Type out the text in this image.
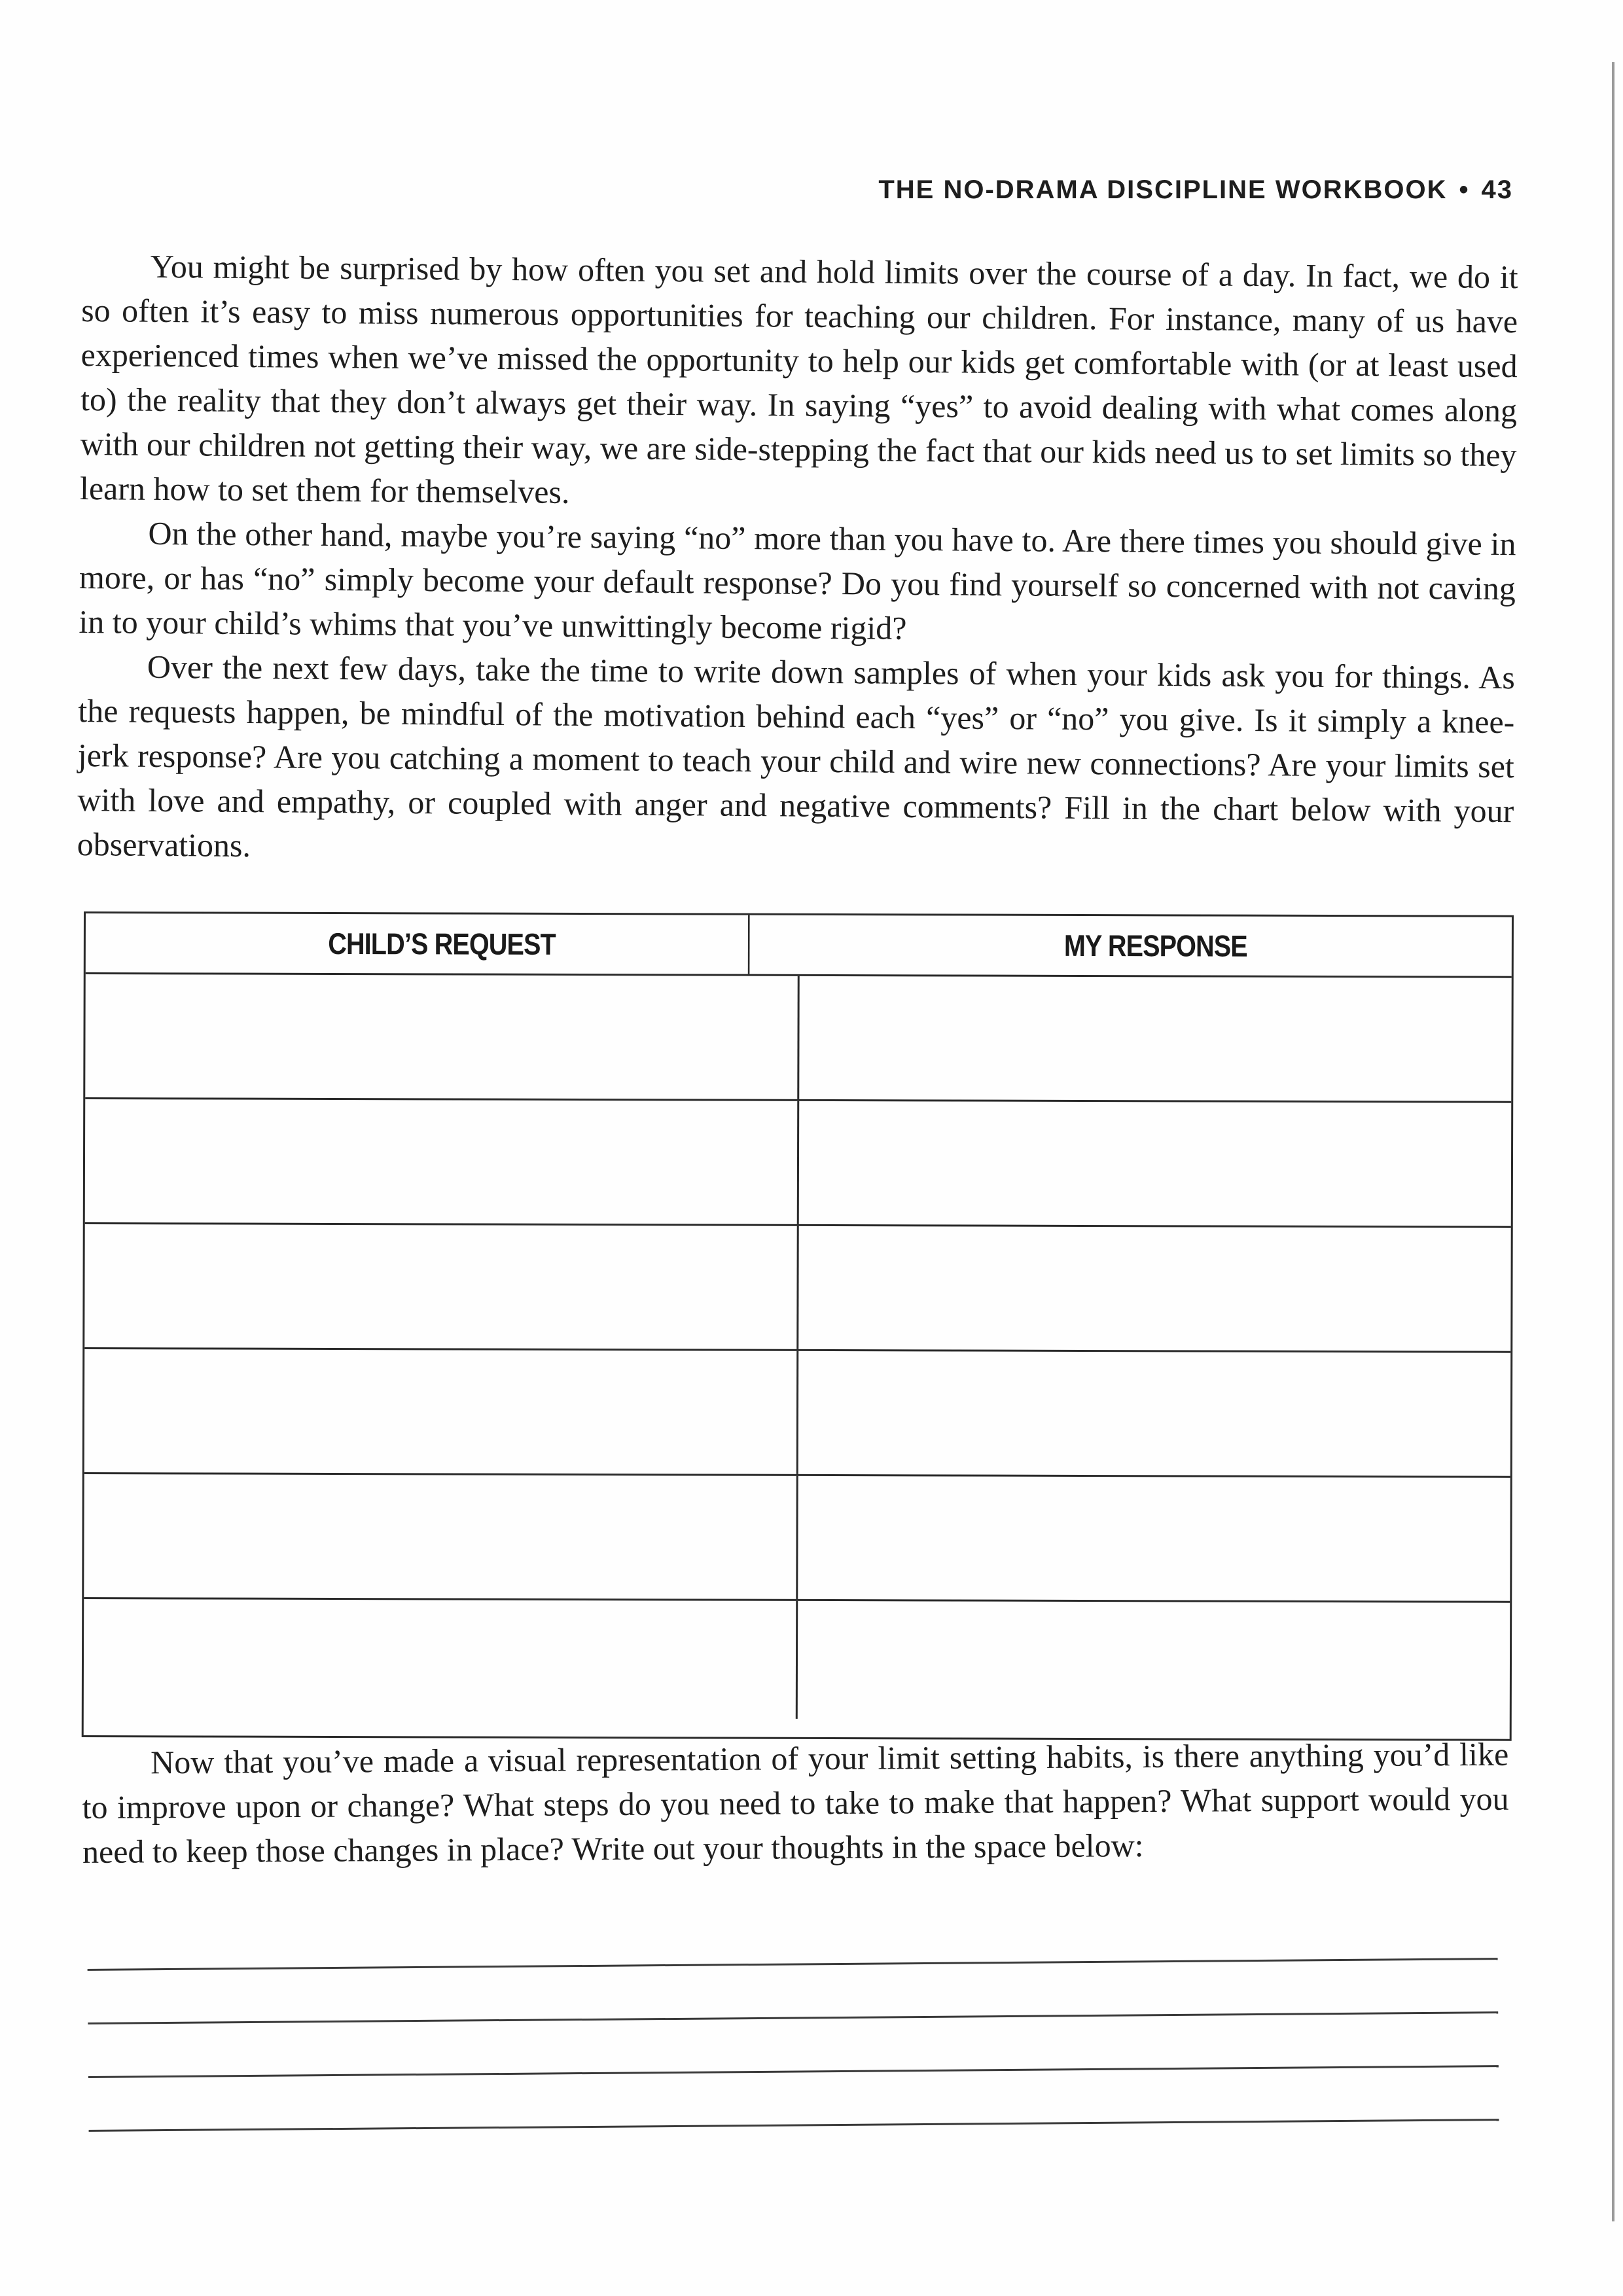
THE NO-DRAMA DISCIPLINE WORKBOOK • 43

You might be surprised by how often you set and hold limits over the course of a day. In fact, we do it so often it’s easy to miss numerous opportunities for teaching our children. For instance, many of us have experienced times when we’ve missed the opportunity to help our kids get comfortable with (or at least used to) the reality that they don’t always get their way. In saying “yes” to avoid dealing with what comes along with our children not getting their way, we are side-stepping the fact that our kids need us to set limits so they learn how to set them for themselves.

On the other hand, maybe you’re saying “no” more than you have to. Are there times you should give in more, or has “no” simply become your default response? Do you find yourself so concerned with not caving in to your child’s whims that you’ve unwittingly become rigid?

Over the next few days, take the time to write down samples of when your kids ask you for things. As the requests happen, be mindful of the motivation behind each “yes” or “no” you give. Is it simply a knee-jerk response? Are you catching a moment to teach your child and wire new connections? Are your limits set with love and empathy, or coupled with anger and negative comments? Fill in the chart below with your observations.

CHILD’S REQUEST	MY RESPONSE

Now that you’ve made a visual representation of your limit setting habits, is there anything you’d like to improve upon or change? What steps do you need to take to make that happen? What support would you need to keep those changes in place? Write out your thoughts in the space below:
